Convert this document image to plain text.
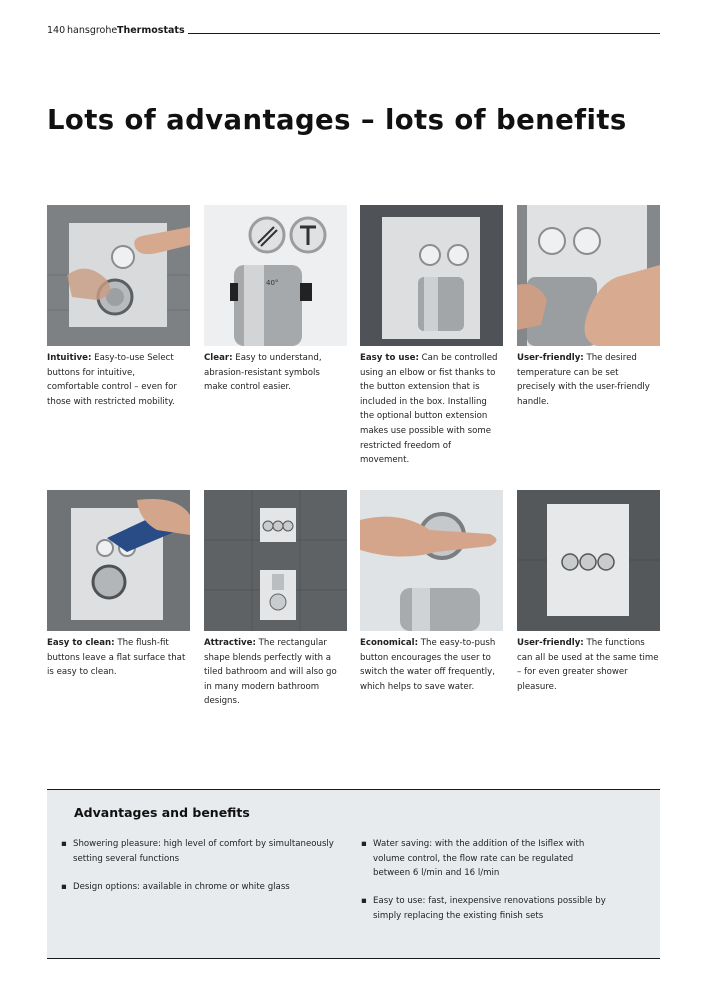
140 hansgrohe Thermostats
Lots of advantages – lots of benefits
40°
Intuitive: Easy-to-use Select buttons for intuitive, comfortable control – even for those with restricted mobility.
Clear: Easy to understand, abrasion-resistant symbols make control easier.
Easy to use: Can be controlled using an elbow or fist thanks to the button extension that is included in the box. Installing the optional button extension makes use possible with some restricted freedom of movement.
User-friendly: The desired temperature can be set precisely with the user-friendly handle.
Easy to clean: The flush-fit buttons leave a flat surface that is easy to clean.
Attractive: The rectangular shape blends perfectly with a tiled bathroom and will also go in many modern bathroom designs.
Economical: The easy-to-push button encourages the user to switch the water off frequently, which helps to save water.
User-friendly: The functions can all be used at the same time – for even greater shower pleasure.
Advantages and benefits
▪ Showering pleasure: high level of comfort by simultaneously setting several functions
▪ Design options: available in chrome or white glass
▪ Water saving: with the addition of the Isiflex with volume control, the flow rate can be regulated between 6 l/min and 16 l/min
▪ Easy to use: fast, inexpensive renovations possible by simply replacing the existing finish sets
